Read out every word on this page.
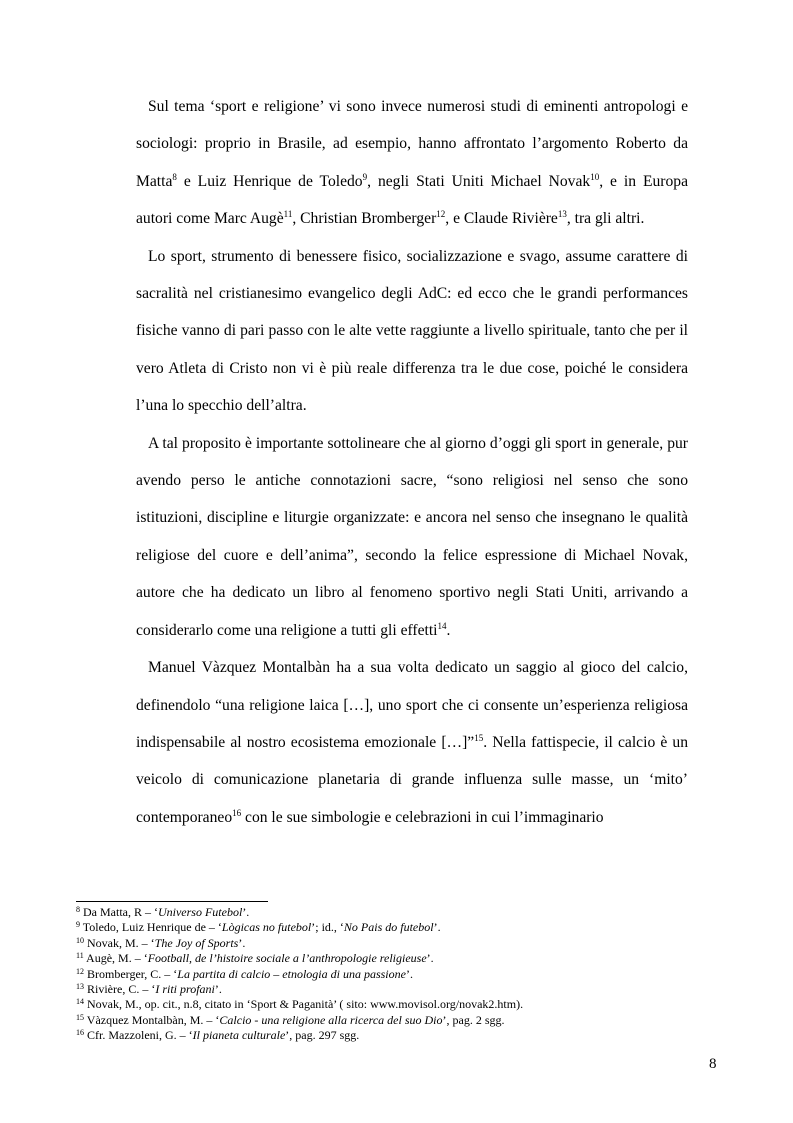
Sul tema ‘sport e religione’ vi sono invece numerosi studi di eminenti antropologi e sociologi: proprio in Brasile, ad esempio, hanno affrontato l’argomento Roberto da Matta$^8$ e Luiz Henrique de Toledo$^9$, negli Stati Uniti Michael Novak$^{10}$, e in Europa autori come Marc Augè$^{11}$, Christian Bromberger$^{12}$, e Claude Rivière$^{13}$, tra gli altri.

Lo sport, strumento di benessere fisico, socializzazione e svago, assume carattere di sacralità nel cristianesimo evangelico degli AdC: ed ecco che le grandi performances fisiche vanno di pari passo con le alte vette raggiunte a livello spirituale, tanto che per il vero Atleta di Cristo non vi è più reale differenza tra le due cose, poiché le considera l’una lo specchio dell’altra.

A tal proposito è importante sottolineare che al giorno d’oggi gli sport in generale, pur avendo perso le antiche connotazioni sacre, “sono religiosi nel senso che sono istituzioni, discipline e liturgie organizzate: e ancora nel senso che insegnano le qualità religiose del cuore e dell’anima”, secondo la felice espressione di Michael Novak, autore che ha dedicato un libro al fenomeno sportivo negli Stati Uniti, arrivando a considerarlo come una religione a tutti gli effetti$^{14}$.

Manuel Vàzquez Montalbàn ha a sua volta dedicato un saggio al gioco del calcio, definendolo “una religione laica […], uno sport che ci consente un’esperienza religiosa indispensabile al nostro ecosistema emozionale […]”$^{15}$. Nella fattispecie, il calcio è un veicolo di comunicazione planetaria di grande influenza sulle masse, un ‘mito’ contemporaneo$^{16}$ con le sue simbologie e celebrazioni in cui l’immaginario

$^8$ Da Matta, R – ‘Universo Futebol’.
$^9$ Toledo, Luiz Henrique de – ‘Lògicas no futebol’; id., ‘No Pais do futebol’.
$^{10}$ Novak, M. – ‘The Joy of Sports’.
$^{11}$ Augè, M. – ‘Football, de l’histoire sociale a l’anthropologie religieuse’.
$^{12}$ Bromberger, C. – ‘La partita di calcio – etnologia di una passione’.
$^{13}$ Rivière, C. – ‘I riti profani’.
$^{14}$ Novak, M., op. cit., n.8, citato in ‘Sport & Paganità’ ( sito: www.movisol.org/novak2.htm).
$^{15}$ Vàzquez Montalbàn, M. – ‘Calcio - una religione alla ricerca del suo Dio’, pag. 2 sgg.
$^{16}$ Cfr. Mazzoleni, G. – ‘Il pianeta culturale’, pag. 297 sgg.
8
